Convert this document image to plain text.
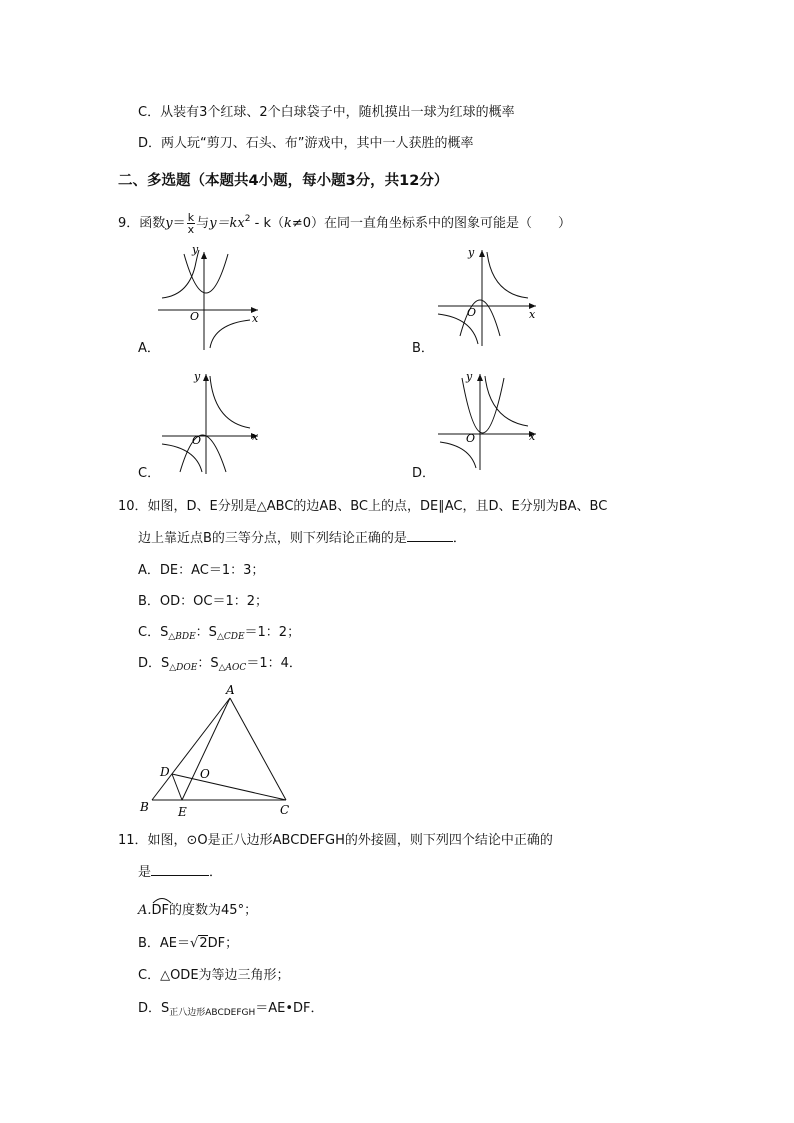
C．从装有3个红球、2个白球袋子中，随机摸出一球为红球的概率
D．两人玩“剪刀、石头、布”游戏中，其中一人获胜的概率
二、多选题（本题共4小题，每小题3分，共12分）
9．函数$y= \frac{k}{x}$ 与$y=kx^2 - k(k\ne 0)$在同一直角坐标系中的图象可能是（　　）
y
O	x
A．
y
O	x
B．
y
O	x
C．
y
O	x
D．
10．如图，D、E分别是△ABC的边AB、BC上的点，DE∥AC，且D、E分别为BA、BC
边上靠近点B的三等分点，则下列结论正确的是	．
A．DE：AC＝1：3；
B．OD：OC＝1：2；
C．$S_{\triangle BDE}$：$S_{\triangle CDE}=1$：2；
D．$S_{\triangle DOE}$：$S_{\triangle AOC}=1$：4．
A
B	C
D
E
O
11．如图，⊙O是正八边形ABCDEFGH的外接圆，则下列四个结论中正确的
是	．
A.
DF的度数为45°；
B．AE＝√2DF；
C．△ODE为等边三角形；
D．$S_{正八边形ABCDEFGH}=AE•DF$．
